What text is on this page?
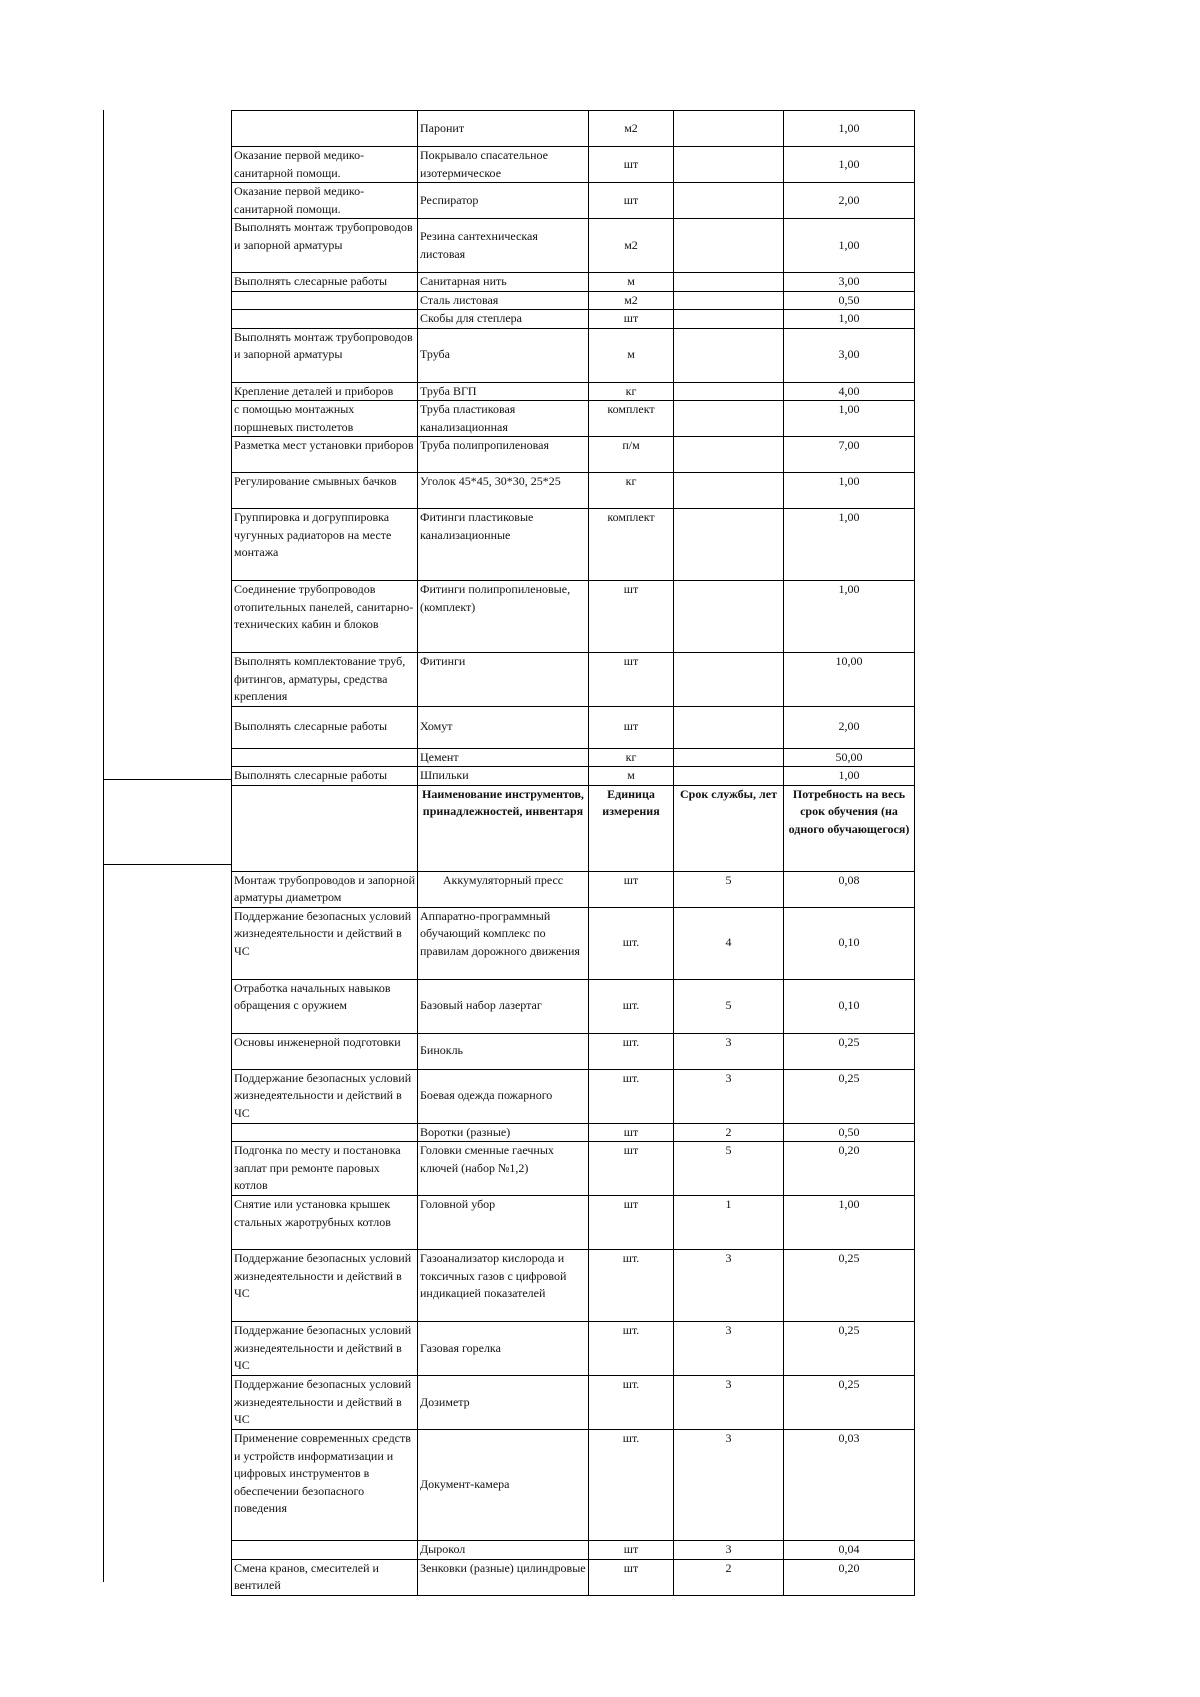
	Паронит	м2		1,00
Оказание первой медико-санитарной помощи.	Покрывало спасательное изотермическое	шт		1,00
Оказание первой медико-санитарной помощи.	Респиратор	шт		2,00
Выполнять монтаж трубопроводов и запорной арматуры	Резина сантехническая листовая	м2		1,00
Выполнять слесарные работы	Санитарная нить	м		3,00
	Сталь листовая	м2		0,50
	Скобы для степлера	шт		1,00
Выполнять монтаж трубопроводов и запорной арматуры	Труба	м		3,00
Крепление деталей и приборов	Труба ВГП	кг		4,00
с помощью монтажных поршневых пистолетов	Труба пластиковая канализационная	комплект		1,00
Разметка мест установки приборов	Труба полипропиленовая	п/м		7,00
Регулирование смывных бачков	Уголок 45*45, 30*30, 25*25	кг		1,00
Группировка и догруппировка чугунных радиаторов на месте монтажа	Фитинги пластиковые канализационные	комплект		1,00
Соединение трубопроводов отопительных панелей, санитарно-технических кабин и блоков	Фитинги полипропиленовые, (комплект)	шт		1,00
Выполнять комплектование труб, фитингов, арматуры, средства крепления	Фитинги	шт		10,00
Выполнять слесарные работы	Хомут	шт		2,00
	Цемент	кг		50,00
Выполнять слесарные работы	Шпильки	м		1,00
	Наименование инструментов, принадлежностей, инвентаря	Единица измерения	Срок службы, лет	Потребность на весь срок обучения (на одного обучающегося)
Монтаж трубопроводов и запорной арматуры диаметром	Аккумуляторный пресс	шт	5	0,08
Поддержание безопасных условий жизнедеятельности и действий в ЧС	Аппаратно-программный обучающий комплекс по правилам дорожного движения	шт.	4	0,10
Отработка начальных навыков обращения с оружием	Базовый набор лазертаг	шт.	5	0,10
Основы инженерной подготовки	Бинокль	шт.	3	0,25
Поддержание безопасных условий жизнедеятельности и действий в ЧС	Боевая одежда пожарного	шт.	3	0,25
	Воротки (разные)	шт	2	0,50
Подгонка по месту и постановка заплат при ремонте паровых котлов	Головки сменные гаечных ключей (набор №1,2)	шт	5	0,20
Снятие или установка крышек стальных жаротрубных котлов	Головной убор	шт	1	1,00
Поддержание безопасных условий жизнедеятельности и действий в ЧС	Газоанализатор кислорода и токсичных газов с цифровой индикацией показателей	шт.	3	0,25
Поддержание безопасных условий жизнедеятельности и действий в ЧС	Газовая горелка	шт.	3	0,25
Поддержание безопасных условий жизнедеятельности и действий в ЧС	Дозиметр	шт.	3	0,25
Применение современных средств и устройств информатизации и цифровых инструментов в обеспечении безопасного поведения	Документ-камера	шт.	3	0,03
	Дырокол	шт	3	0,04
Смена кранов, смесителей и вентилей	Зенковки (разные) цилиндровые	шт	2	0,20
